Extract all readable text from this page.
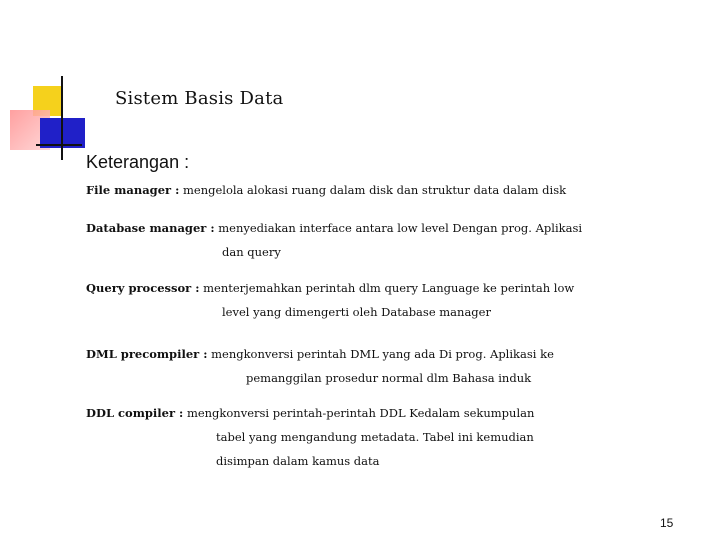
Sistem Basis Data
Keterangan :
File manager : mengelola alokasi ruang dalam disk dan struktur data dalam disk
Database manager : menyediakan interface antara low level Dengan prog. Aplikasi
dan query
Query processor : menterjemahkan perintah dlm query Language ke perintah low
level yang dimengerti oleh Database manager
DML precompiler : mengkonversi perintah DML yang ada Di prog. Aplikasi ke
pemanggilan prosedur normal dlm Bahasa induk
DDL compiler : mengkonversi perintah-perintah DDL Kedalam sekumpulan
tabel yang mengandung metadata. Tabel ini kemudian
disimpan dalam kamus data
15
